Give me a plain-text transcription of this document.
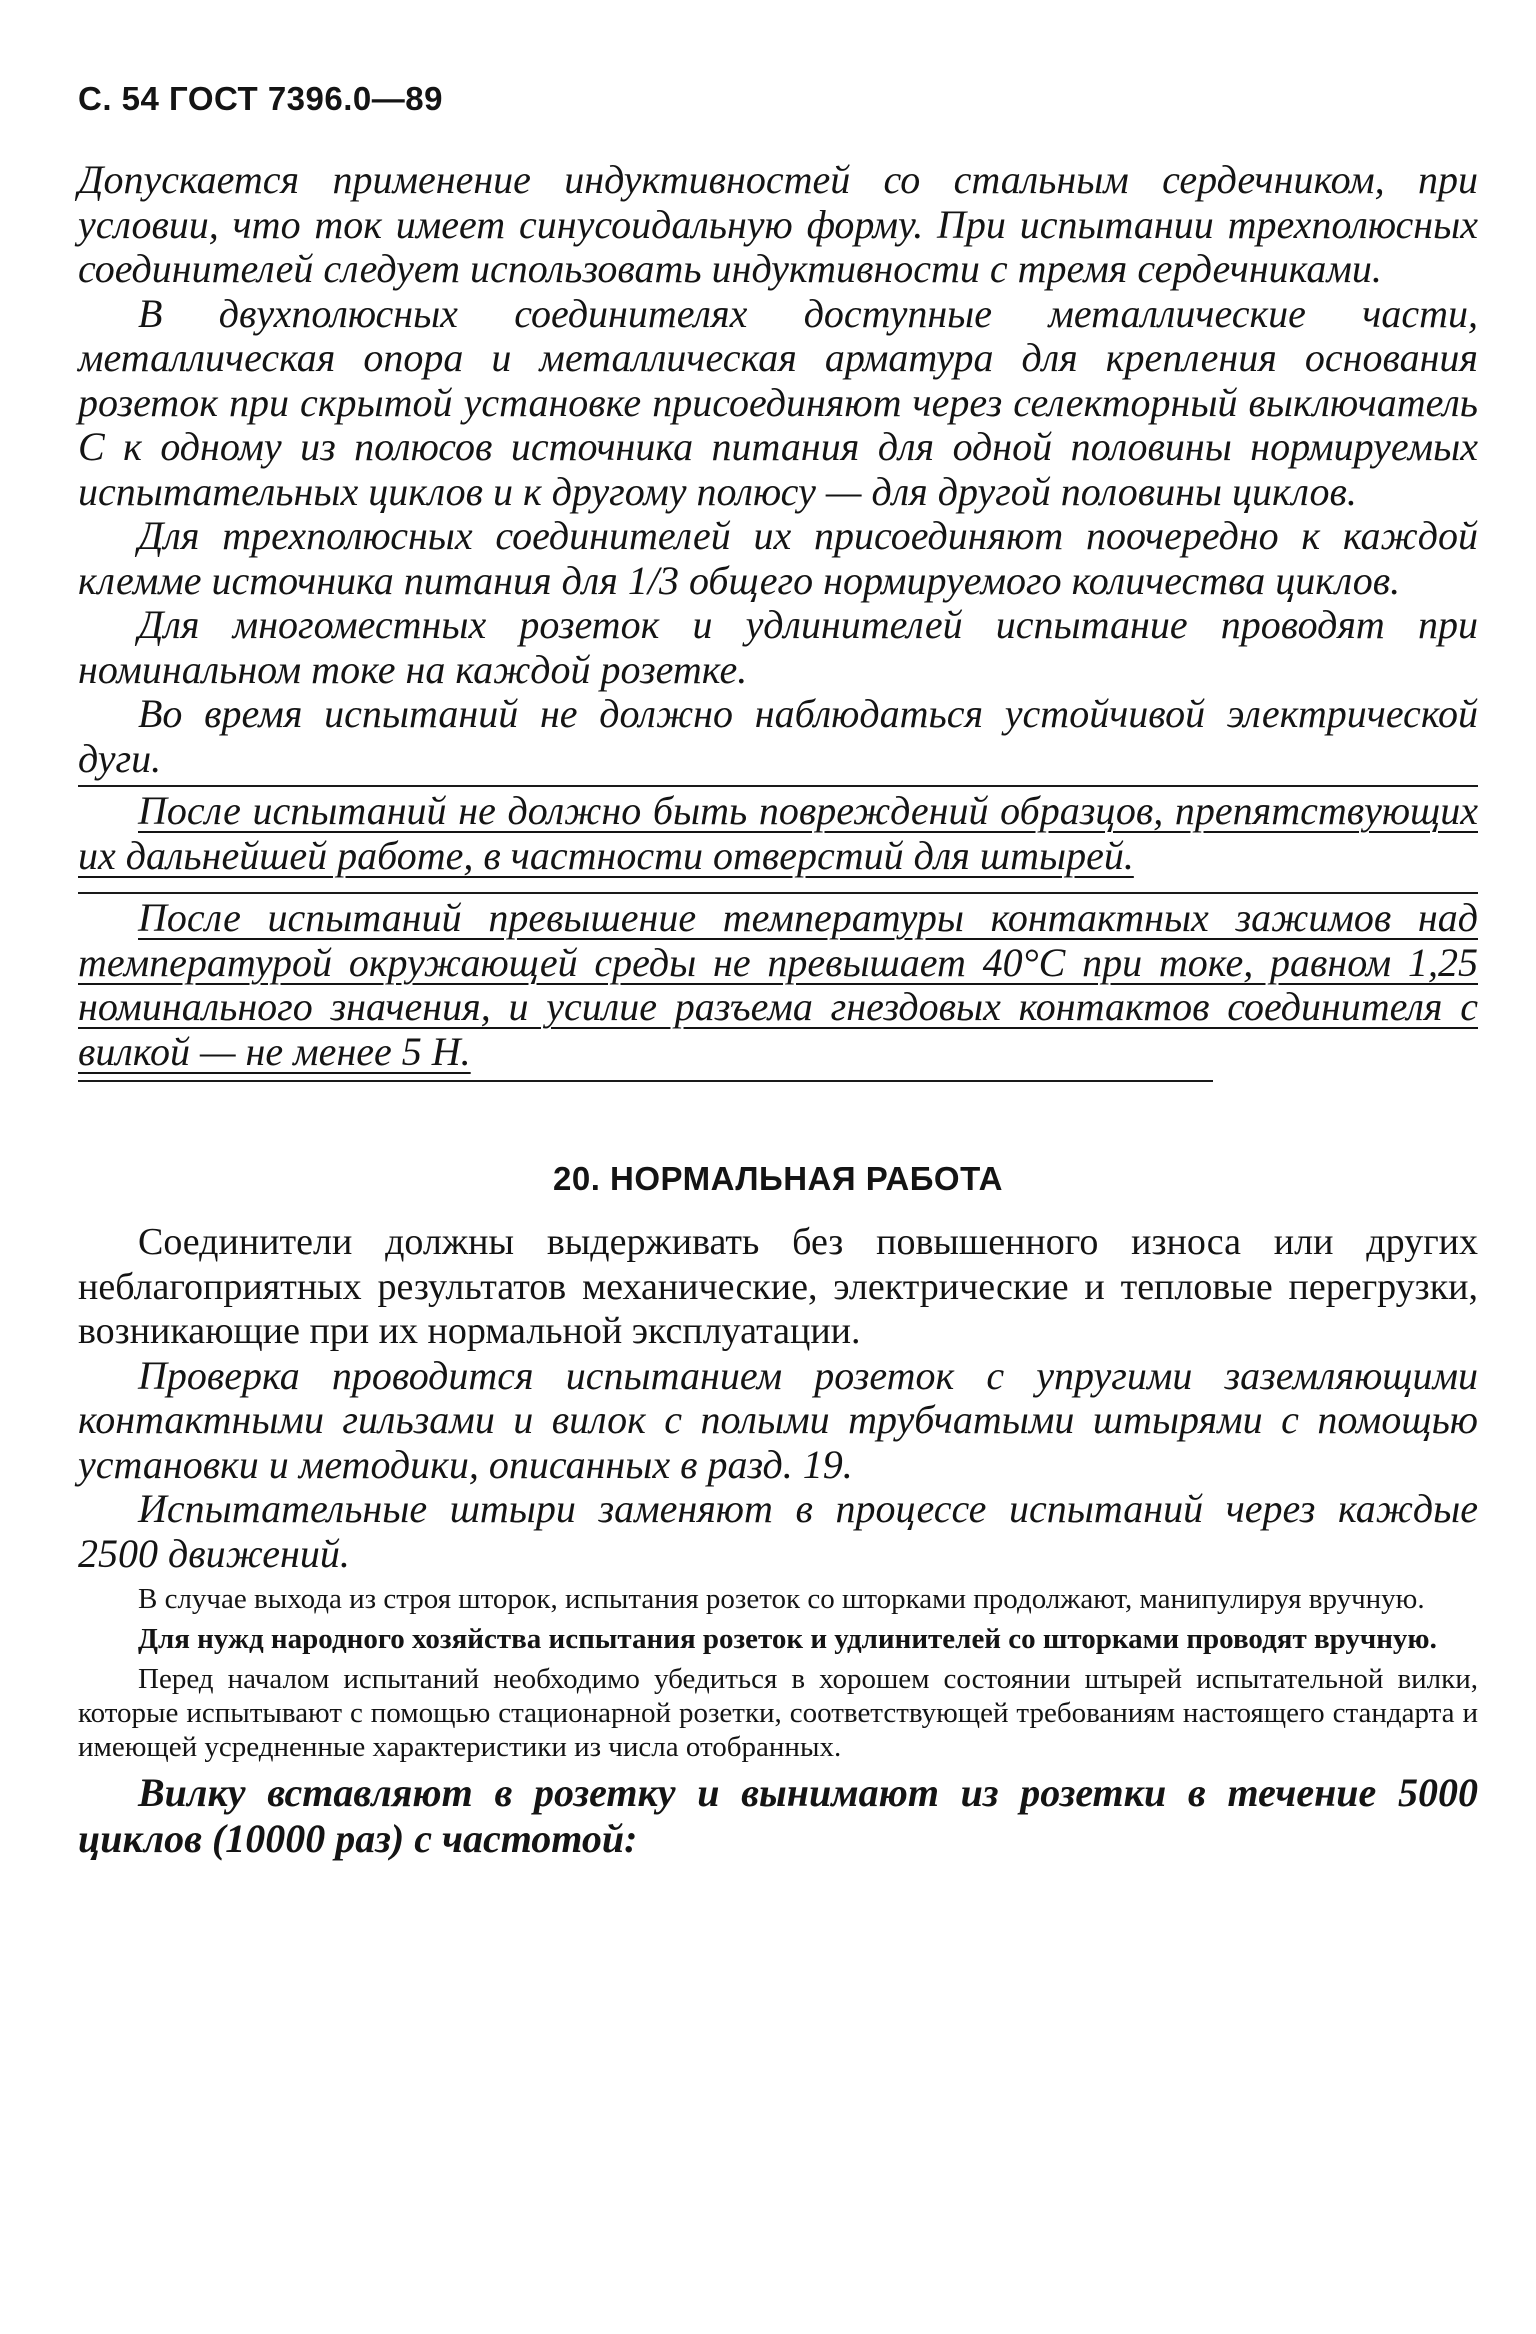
С. 54 ГОСТ 7396.0—89

Допускается применение индуктивностей со стальным сердечником, при условии, что ток имеет синусоидальную форму. При испытании трехполюсных соединителей следует использовать индуктивности с тремя сердечниками.

В двухполюсных соединителях доступные металлические части, металлическая опора и металлическая арматура для крепления основания розеток при скрытой установке присоединяют через селекторный выключатель С к одному из полюсов источника питания для одной половины нормируемых испытательных циклов и к другому полюсу — для другой половины циклов.

Для трехполюсных соединителей их присоединяют поочередно к каждой клемме источника питания для 1/3 общего нормируемого количества циклов.

Для многоместных розеток и удлинителей испытание проводят при номинальном токе на каждой розетке.

Во время испытаний не должно наблюдаться устойчивой электрической дуги.

После испытаний не должно быть повреждений образцов, препятствующих их дальнейшей работе, в частности отверстий для штырей.

После испытаний превышение температуры контактных зажимов над температурой окружающей среды не превышает 40°С при токе, равном 1,25 номинального значения, и усилие разъема гнездовых контактов соединителя с вилкой — не менее 5 Н.

20. НОРМАЛЬНАЯ РАБОТА

Соединители должны выдерживать без повышенного износа или других неблагоприятных результатов механические, электрические и тепловые перегрузки, возникающие при их нормальной эксплуатации.

Проверка проводится испытанием розеток с упругими заземляющими контактными гильзами и вилок с полыми трубчатыми штырями с помощью установки и методики, описанных в разд. 19.

Испытательные штыри заменяют в процессе испытаний через каждые 2500 движений.

В случае выхода из строя шторок, испытания розеток со шторками продолжают, манипулируя вручную.

Для нужд народного хозяйства испытания розеток и удлинителей со шторками проводят вручную.

Перед началом испытаний необходимо убедиться в хорошем состоянии штырей испытательной вилки, которые испытывают с помощью стационарной розетки, соответствующей требованиям настоящего стандарта и имеющей усредненные характеристики из числа отобранных.

Вилку вставляют в розетку и вынимают из розетки в течение 5000 циклов (10000 раз) с частотой:
